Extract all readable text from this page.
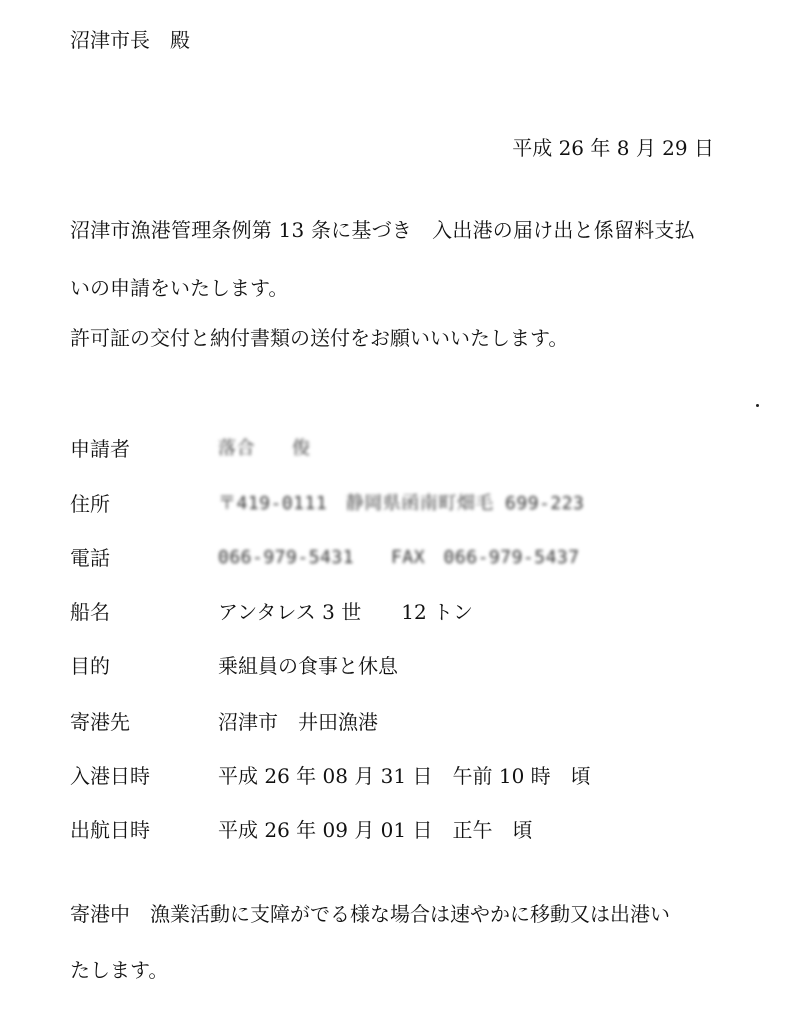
沼津市長　殿
平成 26 年 8 月 29 日
沼津市漁港管理条例第 13 条に基づき　入出港の届け出と係留料支払
いの申請をいたします。
許可証の交付と納付書類の送付をお願いいいたします。
申請者	落合　　俊
住所	〒419-0111　静岡県函南町畑毛 699-223
電話	066-979-5431　　FAX　066-979-5437
船名	アンタレス 3 世　　12 トン
目的	乗組員の食事と休息
寄港先	沼津市　井田漁港
入港日時	平成 26 年 08 月 31 日　午前 10 時　頃
出航日時	平成 26 年 09 月 01 日　正午　頃
寄港中　漁業活動に支障がでる様な場合は速やかに移動又は出港い
たします。
